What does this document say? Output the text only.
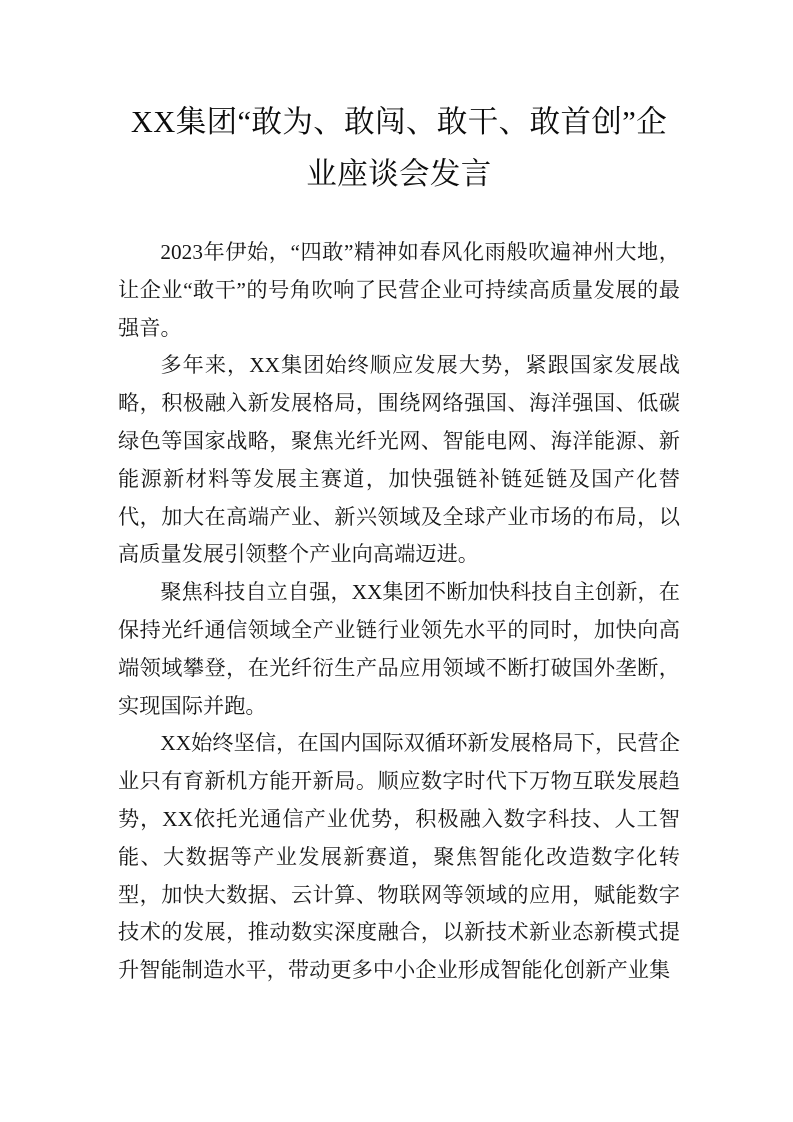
XX集团“敢为、敢闯、敢干、敢首创”企业座谈会发言

2023年伊始，“四敢”精神如春风化雨般吹遍神州大地，让企业“敢干”的号角吹响了民营企业可持续高质量发展的最强音。

多年来，XX集团始终顺应发展大势，紧跟国家发展战略，积极融入新发展格局，围绕网络强国、海洋强国、低碳绿色等国家战略，聚焦光纤光网、智能电网、海洋能源、新能源新材料等发展主赛道，加快强链补链延链及国产化替代，加大在高端产业、新兴领域及全球产业市场的布局，以高质量发展引领整个产业向高端迈进。

聚焦科技自立自强，XX集团不断加快科技自主创新，在保持光纤通信领域全产业链行业领先水平的同时，加快向高端领域攀登，在光纤衍生产品应用领域不断打破国外垄断，实现国际并跑。

XX始终坚信，在国内国际双循环新发展格局下，民营企业只有育新机方能开新局。顺应数字时代下万物互联发展趋势，XX依托光通信产业优势，积极融入数字科技、人工智能、大数据等产业发展新赛道，聚焦智能化改造数字化转型，加快大数据、云计算、物联网等领域的应用，赋能数字技术的发展，推动数实深度融合，以新技术新业态新模式提升智能制造水平，带动更多中小企业形成智能化创新产业集
